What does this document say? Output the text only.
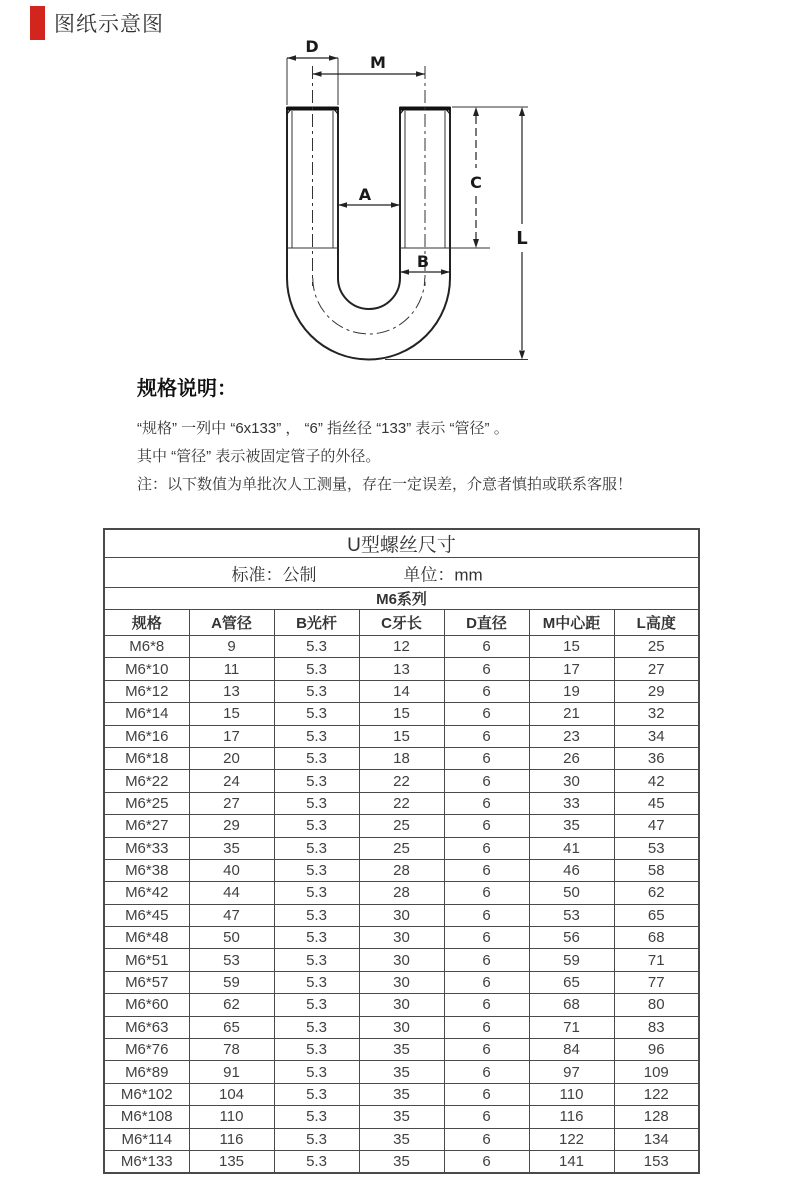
图纸示意图
D
M
A
B
C
L
规格说明：
“规格” 一列中 “6x133” ， “6” 指丝径 “133” 表示 “管径” 。
其中 “管径” 表示被固定管子的外径。
注：以下数值为单批次人工测量，存在一定误差，介意者慎拍或联系客服！
U型螺丝尺寸						

标准：公制 单位：mm						

M6系列						
规格	A管径	B光杆	C牙长	D直径	M中心距	L高度
M6*8	9	5.3	12	6	15	25
M6*10	11	5.3	13	6	17	27
M6*12	13	5.3	14	6	19	29
M6*14	15	5.3	15	6	21	32
M6*16	17	5.3	15	6	23	34
M6*18	20	5.3	18	6	26	36
M6*22	24	5.3	22	6	30	42
M6*25	27	5.3	22	6	33	45
M6*27	29	5.3	25	6	35	47
M6*33	35	5.3	25	6	41	53
M6*38	40	5.3	28	6	46	58
M6*42	44	5.3	28	6	50	62
M6*45	47	5.3	30	6	53	65
M6*48	50	5.3	30	6	56	68
M6*51	53	5.3	30	6	59	71
M6*57	59	5.3	30	6	65	77
M6*60	62	5.3	30	6	68	80
M6*63	65	5.3	30	6	71	83
M6*76	78	5.3	35	6	84	96
M6*89	91	5.3	35	6	97	109
M6*102	104	5.3	35	6	110	122
M6*108	110	5.3	35	6	116	128
M6*114	116	5.3	35	6	122	134
M6*133	135	5.3	35	6	141	153
